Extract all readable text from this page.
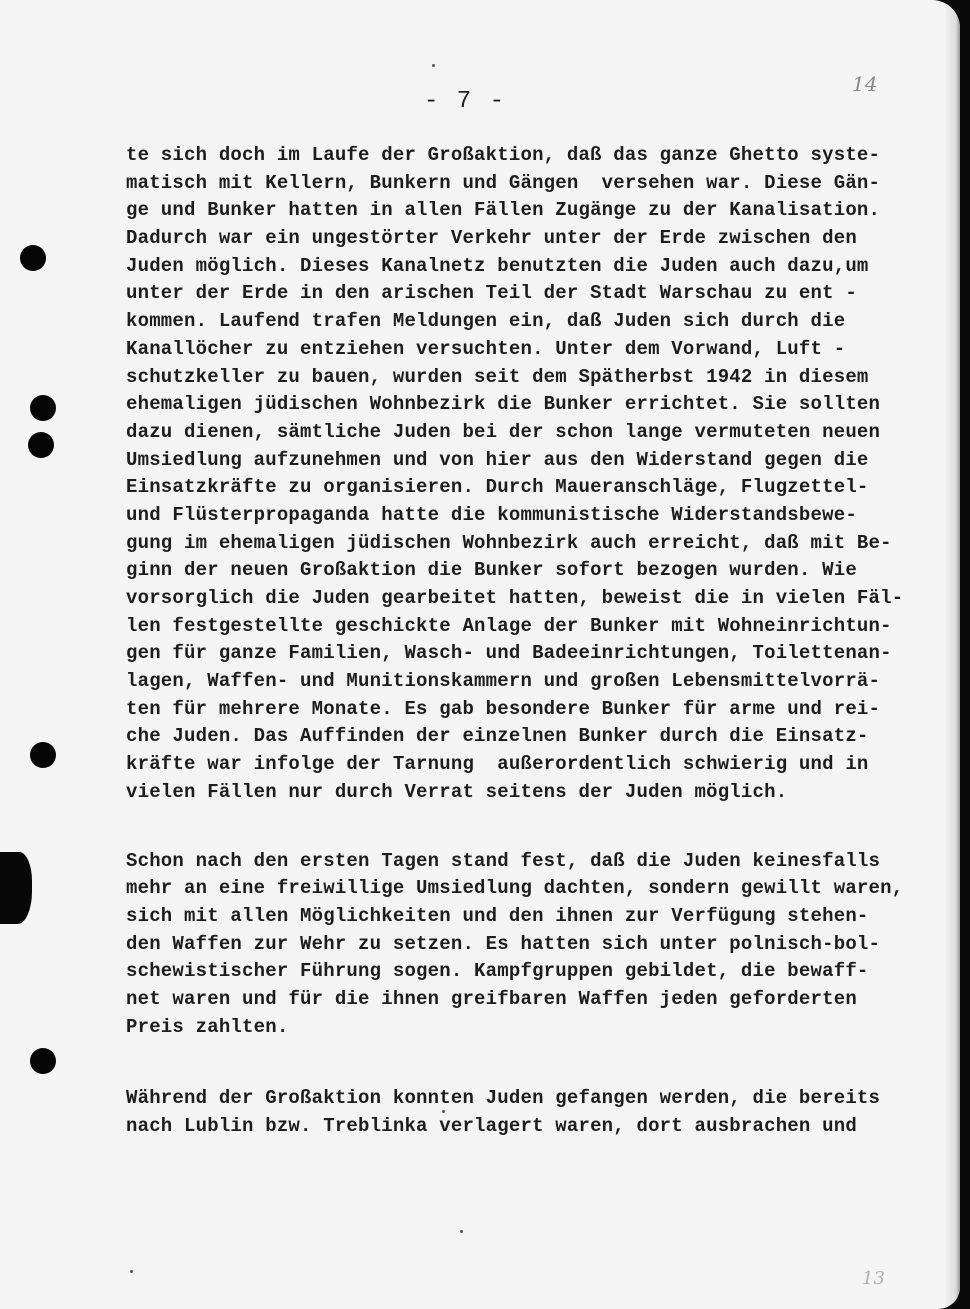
- 7 -
14
13
te sich doch im Laufe der Großaktion, daß das ganze Ghetto syste-
matisch mit Kellern, Bunkern und Gängen  versehen war. Diese Gän-
ge und Bunker hatten in allen Fällen Zugänge zu der Kanalisation.
Dadurch war ein ungestörter Verkehr unter der Erde zwischen den
Juden möglich. Dieses Kanalnetz benutzten die Juden auch dazu,um
unter der Erde in den arischen Teil der Stadt Warschau zu ent -
kommen. Laufend trafen Meldungen ein, daß Juden sich durch die
Kanallöcher zu entziehen versuchten. Unter dem Vorwand, Luft -
schutzkeller zu bauen, wurden seit dem Spätherbst 1942 in diesem
ehemaligen jüdischen Wohnbezirk die Bunker errichtet. Sie sollten
dazu dienen, sämtliche Juden bei der schon lange vermuteten neuen
Umsiedlung aufzunehmen und von hier aus den Widerstand gegen die
Einsatzkräfte zu organisieren. Durch Maueranschläge, Flugzettel-
und Flüsterpropaganda hatte die kommunistische Widerstandsbewe-
gung im ehemaligen jüdischen Wohnbezirk auch erreicht, daß mit Be-
ginn der neuen Großaktion die Bunker sofort bezogen wurden. Wie
vorsorglich die Juden gearbeitet hatten, beweist die in vielen Fäl-
len festgestellte geschickte Anlage der Bunker mit Wohneinrichtun-
gen für ganze Familien, Wasch- und Badeeinrichtungen, Toilettenan-
lagen, Waffen- und Munitionskammern und großen Lebensmittelvorrä-
ten für mehrere Monate. Es gab besondere Bunker für arme und rei-
che Juden. Das Auffinden der einzelnen Bunker durch die Einsatz-
kräfte war infolge der Tarnung  außerordentlich schwierig und in
vielen Fällen nur durch Verrat seitens der Juden möglich.
Schon nach den ersten Tagen stand fest, daß die Juden keinesfalls
mehr an eine freiwillige Umsiedlung dachten, sondern gewillt waren,
sich mit allen Möglichkeiten und den ihnen zur Verfügung stehen-
den Waffen zur Wehr zu setzen. Es hatten sich unter polnisch-bol-
schewistischer Führung sogen. Kampfgruppen gebildet, die bewaff-
net waren und für die ihnen greifbaren Waffen jeden geforderten
Preis zahlten.
Während der Großaktion konnten Juden gefangen werden, die bereits
nach Lublin bzw. Treblinka verlagert waren, dort ausbrachen und
